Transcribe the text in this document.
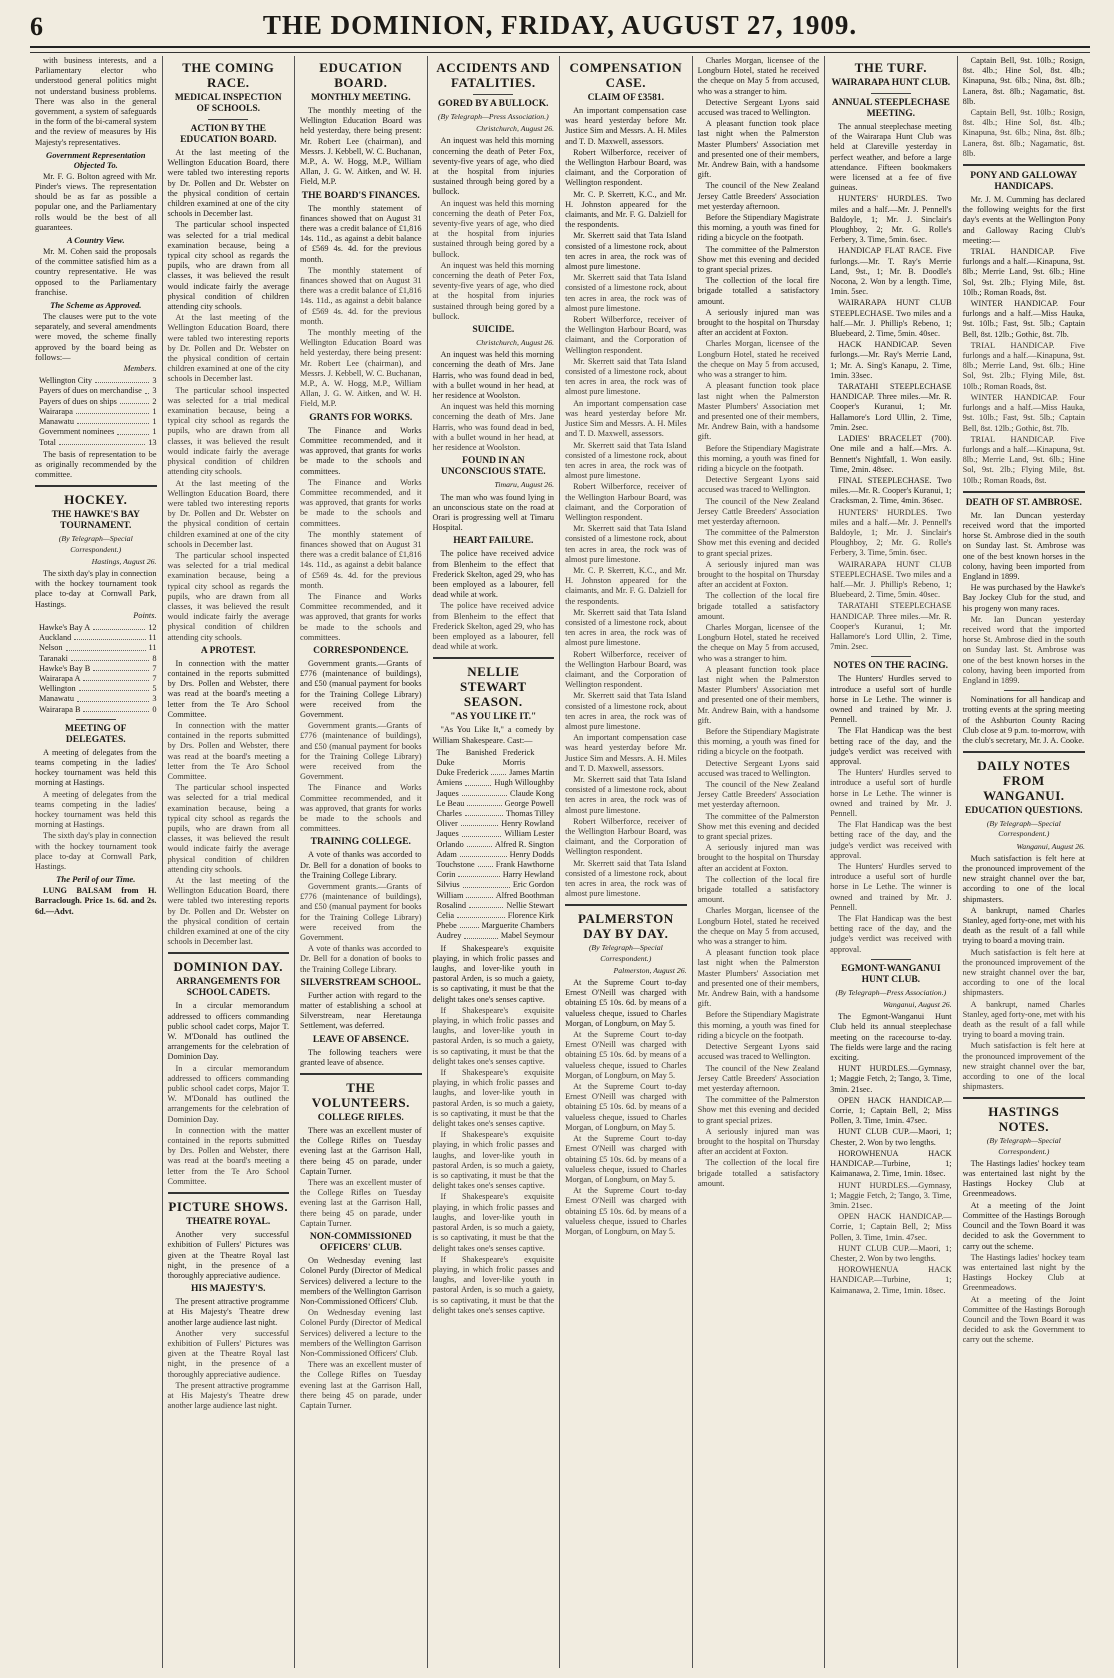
6	THE DOMINION, FRIDAY, AUGUST 27, 1909.

with business interests, and a Parliamentary elector who understood general politics might not understand business problems. There was also in the general government, a system of safeguards in the form of the bi-cameral system and the review of measures by His Majesty's representatives.

Government Representation Objected To.

Mr. F. G. Bolton agreed with Mr. Pinder's views. The representation should be as far as possible a popular one, and the Parliamentary rolls would be the best of all guarantees.

A Country View.

Mr. M. Cohen said the proposals of the committee satisfied him as a country representative. He was opposed to the Parliamentary franchise.

The Scheme as Approved.

The clauses were put to the vote separately, and several amendments were moved, the scheme finally approved by the board being as follows:—

Members.
Wellington City	3
Payers of dues on merchandise 3
Payers of dues on ships	2
Wairarapa	1
Manawatu	1
Government nominees	1
Total	13

The basis of representation to be as originally recommended by the committee.

HOCKEY.
THE HAWKE'S BAY TOURNAMENT.
(By Telegraph—Special Correspondent.)
Hastings, August 26.

The sixth day's play in connection with the hockey tournament took place to-day at Cornwall Park, Hastings.

Points.
Hawke's Bay A	12
Auckland	11
Nelson	11
Taranaki	8
Hawke's Bay B	7
Wairarapa A	7
Wellington	5
Manawatu	3
Wairarapa B	0
MEETING OF DELEGATES.

A meeting of delegates from the teams competing in the ladies' hockey tournament was held this morning at Hastings.

A meeting of delegates from the teams competing in the ladies' hockey tournament was held this morning at Hastings.

The sixth day's play in connection with the hockey tournament took place to-day at Cornwall Park, Hastings.

The Peril of our Time.

LUNG BALSAM from H. Barraclough. Price 1s. 6d. and 2s. 6d.—Advt.

THE COMING RACE.
MEDICAL INSPECTION OF SCHOOLS.
ACTION BY THE EDUCATION BOARD.

At the last meeting of the Wellington Education Board, there were tabled two interesting reports by Dr. Pollen and Dr. Webster on the physical condition of certain children examined at one of the city schools in December last.

The particular school inspected was selected for a trial medical examination because, being a typical city school as regards the pupils, who are drawn from all classes, it was believed the result would indicate fairly the average physical condition of children attending city schools.

At the last meeting of the Wellington Education Board, there were tabled two interesting reports by Dr. Pollen and Dr. Webster on the physical condition of certain children examined at one of the city schools in December last.

The particular school inspected was selected for a trial medical examination because, being a typical city school as regards the pupils, who are drawn from all classes, it was believed the result would indicate fairly the average physical condition of children attending city schools.

At the last meeting of the Wellington Education Board, there were tabled two interesting reports by Dr. Pollen and Dr. Webster on the physical condition of certain children examined at one of the city schools in December last.

The particular school inspected was selected for a trial medical examination because, being a typical city school as regards the pupils, who are drawn from all classes, it was believed the result would indicate fairly the average physical condition of children attending city schools.

A PROTEST.

In connection with the matter contained in the reports submitted by Drs. Pollen and Webster, there was read at the board's meeting a letter from the Te Aro School Committee.

In connection with the matter contained in the reports submitted by Drs. Pollen and Webster, there was read at the board's meeting a letter from the Te Aro School Committee.

The particular school inspected was selected for a trial medical examination because, being a typical city school as regards the pupils, who are drawn from all classes, it was believed the result would indicate fairly the average physical condition of children attending city schools.

At the last meeting of the Wellington Education Board, there were tabled two interesting reports by Dr. Pollen and Dr. Webster on the physical condition of certain children examined at one of the city schools in December last.

DOMINION DAY.
ARRANGEMENTS FOR SCHOOL CADETS.

In a circular memorandum addressed to officers commanding public school cadet corps, Major T. W. M'Donald has outlined the arrangements for the celebration of Dominion Day.

In a circular memorandum addressed to officers commanding public school cadet corps, Major T. W. M'Donald has outlined the arrangements for the celebration of Dominion Day.

In connection with the matter contained in the reports submitted by Drs. Pollen and Webster, there was read at the board's meeting a letter from the Te Aro School Committee.

PICTURE SHOWS.
THEATRE ROYAL.

Another very successful exhibition of Fullers' Pictures was given at the Theatre Royal last night, in the presence of a thoroughly appreciative audience.

HIS MAJESTY'S.

The present attractive programme at His Majesty's Theatre drew another large audience last night.

Another very successful exhibition of Fullers' Pictures was given at the Theatre Royal last night, in the presence of a thoroughly appreciative audience.

The present attractive programme at His Majesty's Theatre drew another large audience last night.

EDUCATION BOARD.
MONTHLY MEETING.

The monthly meeting of the Wellington Education Board was held yesterday, there being present: Mr. Robert Lee (chairman), and Messrs. J. Kebbell, W. C. Buchanan, M.P., A. W. Hogg, M.P., William Allan, J. G. W. Aitken, and W. H. Field, M.P.

THE BOARD'S FINANCES.

The monthly statement of finances showed that on August 31 there was a credit balance of £1,816 14s. 11d., as against a debit balance of £569 4s. 4d. for the previous month.

The monthly statement of finances showed that on August 31 there was a credit balance of £1,816 14s. 11d., as against a debit balance of £569 4s. 4d. for the previous month.

The monthly meeting of the Wellington Education Board was held yesterday, there being present: Mr. Robert Lee (chairman), and Messrs. J. Kebbell, W. C. Buchanan, M.P., A. W. Hogg, M.P., William Allan, J. G. W. Aitken, and W. H. Field, M.P.

GRANTS FOR WORKS.

The Finance and Works Committee recommended, and it was approved, that grants for works be made to the schools and committees.

The Finance and Works Committee recommended, and it was approved, that grants for works be made to the schools and committees.

The monthly statement of finances showed that on August 31 there was a credit balance of £1,816 14s. 11d., as against a debit balance of £569 4s. 4d. for the previous month.

The Finance and Works Committee recommended, and it was approved, that grants for works be made to the schools and committees.

CORRESPONDENCE.

Government grants.—Grants of £776 (maintenance of buildings), and £50 (manual payment for books for the Training College Library) were received from the Government.

Government grants.—Grants of £776 (maintenance of buildings), and £50 (manual payment for books for the Training College Library) were received from the Government.

The Finance and Works Committee recommended, and it was approved, that grants for works be made to the schools and committees.

TRAINING COLLEGE.

A vote of thanks was accorded to Dr. Bell for a donation of books to the Training College Library.

Government grants.—Grants of £776 (maintenance of buildings), and £50 (manual payment for books for the Training College Library) were received from the Government.

A vote of thanks was accorded to Dr. Bell for a donation of books to the Training College Library.

SILVERSTREAM SCHOOL.

Further action with regard to the matter of establishing a school at Silverstream, near Heretaunga Settlement, was deferred.

LEAVE OF ABSENCE.

The following teachers were granted leave of absence.

THE VOLUNTEERS.
COLLEGE RIFLES.

There was an excellent muster of the College Rifles on Tuesday evening last at the Garrison Hall, there being 45 on parade, under Captain Turner.

There was an excellent muster of the College Rifles on Tuesday evening last at the Garrison Hall, there being 45 on parade, under Captain Turner.

NON-COMMISSIONED OFFICERS' CLUB.

On Wednesday evening last Colonel Purdy (Director of Medical Services) delivered a lecture to the members of the Wellington Garrison Non-Commissioned Officers' Club.

On Wednesday evening last Colonel Purdy (Director of Medical Services) delivered a lecture to the members of the Wellington Garrison Non-Commissioned Officers' Club.

There was an excellent muster of the College Rifles on Tuesday evening last at the Garrison Hall, there being 45 on parade, under Captain Turner.

ACCIDENTS AND FATALITIES.
GORED BY A BULLOCK.
(By Telegraph—Press Association.)
Christchurch, August 26.

An inquest was held this morning concerning the death of Peter Fox, seventy-five years of age, who died at the hospital from injuries sustained through being gored by a bullock.

An inquest was held this morning concerning the death of Peter Fox, seventy-five years of age, who died at the hospital from injuries sustained through being gored by a bullock.

An inquest was held this morning concerning the death of Peter Fox, seventy-five years of age, who died at the hospital from injuries sustained through being gored by a bullock.

SUICIDE.
Christchurch, August 26.

An inquest was held this morning concerning the death of Mrs. Jane Harris, who was found dead in bed, with a bullet wound in her head, at her residence at Woolston.

An inquest was held this morning concerning the death of Mrs. Jane Harris, who was found dead in bed, with a bullet wound in her head, at her residence at Woolston.

FOUND IN AN UNCONSCIOUS STATE.
Timaru, August 26.

The man who was found lying in an unconscious state on the road at Orari is progressing well at Timaru Hospital.

HEART FAILURE.

The police have received advice from Blenheim to the effect that Frederick Skelton, aged 29, who has been employed as a labourer, fell dead while at work.

The police have received advice from Blenheim to the effect that Frederick Skelton, aged 29, who has been employed as a labourer, fell dead while at work.

NELLIE STEWART SEASON.
"AS YOU LIKE IT."

"As You Like It," a comedy by William Shakespeare. Cast:—

The Banished Duke
Frederick Morris
Duke Frederick James Martin
Amiens	Hugh Willoughby
Jaques	Claude Kong
Le Beau	George Powell
Charles	Thomas Tilley
Oliver	Henry Rowland
Jaques	William Lester
Orlando	Alfred R. Sington
Adam	Henry Dodds
Touchstone	Frank Hawthorne
Corin	Harry Hewland
Silvius	Eric Gordon
William	Alfred Boothman
Rosalind	Nellie Stewart
Celia	Florence Kirk
Phebe	Marguerite Chambers
Audrey	Mabel Seymour

If Shakespeare's exquisite playing, in which frolic passes and laughs, and lover-like youth in pastoral Arden, is so much a gaiety, is so captivating, it must be that the delight takes one's senses captive.

If Shakespeare's exquisite playing, in which frolic passes and laughs, and lover-like youth in pastoral Arden, is so much a gaiety, is so captivating, it must be that the delight takes one's senses captive.

If Shakespeare's exquisite playing, in which frolic passes and laughs, and lover-like youth in pastoral Arden, is so much a gaiety, is so captivating, it must be that the delight takes one's senses captive.

If Shakespeare's exquisite playing, in which frolic passes and laughs, and lover-like youth in pastoral Arden, is so much a gaiety, is so captivating, it must be that the delight takes one's senses captive.

If Shakespeare's exquisite playing, in which frolic passes and laughs, and lover-like youth in pastoral Arden, is so much a gaiety, is so captivating, it must be that the delight takes one's senses captive.

If Shakespeare's exquisite playing, in which frolic passes and laughs, and lover-like youth in pastoral Arden, is so much a gaiety, is so captivating, it must be that the delight takes one's senses captive.

COMPENSATION CASE.
CLAIM OF £3581.

An important compensation case was heard yesterday before Mr. Justice Sim and Messrs. A. H. Miles and T. D. Maxwell, assessors.

Robert Wilberforce, receiver of the Wellington Harbour Board, was claimant, and the Corporation of Wellington respondent.

Mr. C. P. Skerrett, K.C., and Mr. H. Johnston appeared for the claimants, and Mr. F. G. Dalziell for the respondents.

Mr. Skerrett said that Tata Island consisted of a limestone rock, about ten acres in area, the rock was of almost pure limestone.

Mr. Skerrett said that Tata Island consisted of a limestone rock, about ten acres in area, the rock was of almost pure limestone.

Robert Wilberforce, receiver of the Wellington Harbour Board, was claimant, and the Corporation of Wellington respondent.

Mr. Skerrett said that Tata Island consisted of a limestone rock, about ten acres in area, the rock was of almost pure limestone.

An important compensation case was heard yesterday before Mr. Justice Sim and Messrs. A. H. Miles and T. D. Maxwell, assessors.

Mr. Skerrett said that Tata Island consisted of a limestone rock, about ten acres in area, the rock was of almost pure limestone.

Robert Wilberforce, receiver of the Wellington Harbour Board, was claimant, and the Corporation of Wellington respondent.

Mr. Skerrett said that Tata Island consisted of a limestone rock, about ten acres in area, the rock was of almost pure limestone.

Mr. C. P. Skerrett, K.C., and Mr. H. Johnston appeared for the claimants, and Mr. F. G. Dalziell for the respondents.

Mr. Skerrett said that Tata Island consisted of a limestone rock, about ten acres in area, the rock was of almost pure limestone.

Robert Wilberforce, receiver of the Wellington Harbour Board, was claimant, and the Corporation of Wellington respondent.

Mr. Skerrett said that Tata Island consisted of a limestone rock, about ten acres in area, the rock was of almost pure limestone.

An important compensation case was heard yesterday before Mr. Justice Sim and Messrs. A. H. Miles and T. D. Maxwell, assessors.

Mr. Skerrett said that Tata Island consisted of a limestone rock, about ten acres in area, the rock was of almost pure limestone.

Robert Wilberforce, receiver of the Wellington Harbour Board, was claimant, and the Corporation of Wellington respondent.

Mr. Skerrett said that Tata Island consisted of a limestone rock, about ten acres in area, the rock was of almost pure limestone.

PALMERSTON DAY BY DAY.
(By Telegraph—Special Correspondent.)
Palmerston, August 26.

At the Supreme Court to-day Ernest O'Neill was charged with obtaining £5 10s. 6d. by means of a valueless cheque, issued to Charles Morgan, of Longburn, on May 5.

At the Supreme Court to-day Ernest O'Neill was charged with obtaining £5 10s. 6d. by means of a valueless cheque, issued to Charles Morgan, of Longburn, on May 5.

At the Supreme Court to-day Ernest O'Neill was charged with obtaining £5 10s. 6d. by means of a valueless cheque, issued to Charles Morgan, of Longburn, on May 5.

At the Supreme Court to-day Ernest O'Neill was charged with obtaining £5 10s. 6d. by means of a valueless cheque, issued to Charles Morgan, of Longburn, on May 5.

At the Supreme Court to-day Ernest O'Neill was charged with obtaining £5 10s. 6d. by means of a valueless cheque, issued to Charles Morgan, of Longburn, on May 5.

Charles Morgan, licensee of the Longburn Hotel, stated he received the cheque on May 5 from accused, who was a stranger to him.

Detective Sergeant Lyons said accused was traced to Wellington.

A pleasant function took place last night when the Palmerston Master Plumbers' Association met and presented one of their members, Mr. Andrew Bain, with a handsome gift.

The council of the New Zealand Jersey Cattle Breeders' Association met yesterday afternoon.

Before the Stipendiary Magistrate this morning, a youth was fined for riding a bicycle on the footpath.

The committee of the Palmerston Show met this evening and decided to grant special prizes.

The collection of the local fire brigade totalled a satisfactory amount.

A seriously injured man was brought to the hospital on Thursday after an accident at Foxton.

Charles Morgan, licensee of the Longburn Hotel, stated he received the cheque on May 5 from accused, who was a stranger to him.

A pleasant function took place last night when the Palmerston Master Plumbers' Association met and presented one of their members, Mr. Andrew Bain, with a handsome gift.

Before the Stipendiary Magistrate this morning, a youth was fined for riding a bicycle on the footpath.

Detective Sergeant Lyons said accused was traced to Wellington.

The council of the New Zealand Jersey Cattle Breeders' Association met yesterday afternoon.

The committee of the Palmerston Show met this evening and decided to grant special prizes.

A seriously injured man was brought to the hospital on Thursday after an accident at Foxton.

The collection of the local fire brigade totalled a satisfactory amount.

Charles Morgan, licensee of the Longburn Hotel, stated he received the cheque on May 5 from accused, who was a stranger to him.

A pleasant function took place last night when the Palmerston Master Plumbers' Association met and presented one of their members, Mr. Andrew Bain, with a handsome gift.

Before the Stipendiary Magistrate this morning, a youth was fined for riding a bicycle on the footpath.

Detective Sergeant Lyons said accused was traced to Wellington.

The council of the New Zealand Jersey Cattle Breeders' Association met yesterday afternoon.

The committee of the Palmerston Show met this evening and decided to grant special prizes.

A seriously injured man was brought to the hospital on Thursday after an accident at Foxton.

The collection of the local fire brigade totalled a satisfactory amount.

Charles Morgan, licensee of the Longburn Hotel, stated he received the cheque on May 5 from accused, who was a stranger to him.

A pleasant function took place last night when the Palmerston Master Plumbers' Association met and presented one of their members, Mr. Andrew Bain, with a handsome gift.

Before the Stipendiary Magistrate this morning, a youth was fined for riding a bicycle on the footpath.

Detective Sergeant Lyons said accused was traced to Wellington.

The council of the New Zealand Jersey Cattle Breeders' Association met yesterday afternoon.

The committee of the Palmerston Show met this evening and decided to grant special prizes.

A seriously injured man was brought to the hospital on Thursday after an accident at Foxton.

The collection of the local fire brigade totalled a satisfactory amount.

THE TURF.
WAIRARAPA HUNT CLUB.
ANNUAL STEEPLECHASE MEETING.

The annual steeplechase meeting of the Wairarapa Hunt Club was held at Clareville yesterday in perfect weather, and before a large attendance. Fifteen bookmakers were licensed at a fee of five guineas.

HUNTERS' HURDLES. Two miles and a half.—Mr. J. Pennell's Baldoyle, 1; Mr. J. Sinclair's Ploughboy, 2; Mr. G. Rolle's Ferbery, 3. Time, 5min. 6sec.

HANDICAP FLAT RACE. Five furlongs.—Mr. T. Ray's Merrie Land, 9st., 1; Mr. B. Doodle's Nocona, 2. Won by a length. Time, 1min. 5sec.

WAIRARAPA HUNT CLUB STEEPLECHASE. Two miles and a half.—Mr. J. Phillip's Rebeno, 1; Bluebeard, 2. Time, 5min. 40sec.

HACK HANDICAP. Seven furlongs.—Mr. Ray's Merrie Land, 1; Mr. A. Sing's Kanapu, 2. Time, 1min. 33sec.

TARATAHI STEEPLECHASE HANDICAP. Three miles.—Mr. R. Cooper's Kuranui, 1; Mr. Hallamore's Lord Ullin, 2. Time, 7min. 2sec.

LADIES' BRACELET (700). One mile and a half.—Mrs. A. Bennett's Nightfall, 1. Won easily. Time, 2min. 48sec.

FINAL STEEPLECHASE. Two miles.—Mr. R. Cooper's Kuranui, 1; Cracksman, 2. Time, 4min. 36sec.

HUNTERS' HURDLES. Two miles and a half.—Mr. J. Pennell's Baldoyle, 1; Mr. J. Sinclair's Ploughboy, 2; Mr. G. Rolle's Ferbery, 3. Time, 5min. 6sec.

WAIRARAPA HUNT CLUB STEEPLECHASE. Two miles and a half.—Mr. J. Phillip's Rebeno, 1; Bluebeard, 2. Time, 5min. 40sec.

TARATAHI STEEPLECHASE HANDICAP. Three miles.—Mr. R. Cooper's Kuranui, 1; Mr. Hallamore's Lord Ullin, 2. Time, 7min. 2sec.

NOTES ON THE RACING.

The Hunters' Hurdles served to introduce a useful sort of hurdle horse in Le Lethe. The winner is owned and trained by Mr. J. Pennell.

The Flat Handicap was the best betting race of the day, and the judge's verdict was received with approval.

The Hunters' Hurdles served to introduce a useful sort of hurdle horse in Le Lethe. The winner is owned and trained by Mr. J. Pennell.

The Flat Handicap was the best betting race of the day, and the judge's verdict was received with approval.

The Hunters' Hurdles served to introduce a useful sort of hurdle horse in Le Lethe. The winner is owned and trained by Mr. J. Pennell.

The Flat Handicap was the best betting race of the day, and the judge's verdict was received with approval.

EGMONT-WANGANUI HUNT CLUB.
(By Telegraph—Press Association.)
Wanganui, August 26.

The Egmont-Wanganui Hunt Club held its annual steeplechase meeting on the racecourse to-day. The fields were large and the racing exciting.

HUNT HURDLES.—Gymnasy, 1; Maggie Fetch, 2; Tango, 3. Time, 3min. 21sec.

OPEN HACK HANDICAP.—Corrie, 1; Captain Bell, 2; Miss Pollen, 3. Time, 1min. 47sec.

HUNT CLUB CUP.—Maori, 1; Chester, 2. Won by two lengths.

HOROWHENUA HACK HANDICAP.—Turbine, 1; Kaimanawa, 2. Time, 1min. 18sec.

HUNT HURDLES.—Gymnasy, 1; Maggie Fetch, 2; Tango, 3. Time, 3min. 21sec.

OPEN HACK HANDICAP.—Corrie, 1; Captain Bell, 2; Miss Pollen, 3. Time, 1min. 47sec.

HUNT CLUB CUP.—Maori, 1; Chester, 2. Won by two lengths.

HOROWHENUA HACK HANDICAP.—Turbine, 1; Kaimanawa, 2. Time, 1min. 18sec.

Captain Bell, 9st. 10lb.; Rosign, 8st. 4lb.; Hine Sol, 8st. 4lb.; Kinapuna, 9st. 6lb.; Nina, 8st. 8lb.; Lanera, 8st. 8lb.; Nagamatic, 8st. 8lb.

Captain Bell, 9st. 10lb.; Rosign, 8st. 4lb.; Hine Sol, 8st. 4lb.; Kinapuna, 9st. 6lb.; Nina, 8st. 8lb.; Lanera, 8st. 8lb.; Nagamatic, 8st. 8lb.

PONY AND GALLOWAY HANDICAPS.

Mr. J. M. Cumming has declared the following weights for the first day's events at the Wellington Pony and Galloway Racing Club's meeting:—

TRIAL HANDICAP. Five furlongs and a half.—Kinapuna, 9st. 8lb.; Merrie Land, 9st. 6lb.; Hine Sol, 9st. 2lb.; Flying Mile, 8st. 10lb.; Roman Roads, 8st.

WINTER HANDICAP. Four furlongs and a half.—Miss Hauka, 9st. 10lb.; Fast, 9st. 5lb.; Captain Bell, 8st. 12lb.; Gothic, 8st. 7lb.

TRIAL HANDICAP. Five furlongs and a half.—Kinapuna, 9st. 8lb.; Merrie Land, 9st. 6lb.; Hine Sol, 9st. 2lb.; Flying Mile, 8st. 10lb.; Roman Roads, 8st.

WINTER HANDICAP. Four furlongs and a half.—Miss Hauka, 9st. 10lb.; Fast, 9st. 5lb.; Captain Bell, 8st. 12lb.; Gothic, 8st. 7lb.

TRIAL HANDICAP. Five furlongs and a half.—Kinapuna, 9st. 8lb.; Merrie Land, 9st. 6lb.; Hine Sol, 9st. 2lb.; Flying Mile, 8st. 10lb.; Roman Roads, 8st.

DEATH OF ST. AMBROSE.

Mr. Ian Duncan yesterday received word that the imported horse St. Ambrose died in the south on Sunday last. St. Ambrose was one of the best known horses in the colony, having been imported from England in 1899.

He was purchased by the Hawke's Bay Jockey Club for the stud, and his progeny won many races.

Mr. Ian Duncan yesterday received word that the imported horse St. Ambrose died in the south on Sunday last. St. Ambrose was one of the best known horses in the colony, having been imported from England in 1899.

Nominations for all handicap and trotting events at the spring meeting of the Ashburton County Racing Club close at 9 p.m. to-morrow, with the club's secretary, Mr. J. A. Cooke.

DAILY NOTES FROM WANGANUI.
EDUCATION QUESTIONS.
(By Telegraph—Special Correspondent.)
Wanganui, August 26.

Much satisfaction is felt here at the pronounced improvement of the new straight channel over the bar, according to one of the local shipmasters.

A bankrupt, named Charles Stanley, aged forty-one, met with his death as the result of a fall while trying to board a moving train.

Much satisfaction is felt here at the pronounced improvement of the new straight channel over the bar, according to one of the local shipmasters.

A bankrupt, named Charles Stanley, aged forty-one, met with his death as the result of a fall while trying to board a moving train.

Much satisfaction is felt here at the pronounced improvement of the new straight channel over the bar, according to one of the local shipmasters.

HASTINGS NOTES.
(By Telegraph—Special Correspondent.)

The Hastings ladies' hockey team was entertained last night by the Hastings Hockey Club at Greenmeadows.

At a meeting of the Joint Committee of the Hastings Borough Council and the Town Board it was decided to ask the Government to carry out the scheme.

The Hastings ladies' hockey team was entertained last night by the Hastings Hockey Club at Greenmeadows.

At a meeting of the Joint Committee of the Hastings Borough Council and the Town Board it was decided to ask the Government to carry out the scheme.
